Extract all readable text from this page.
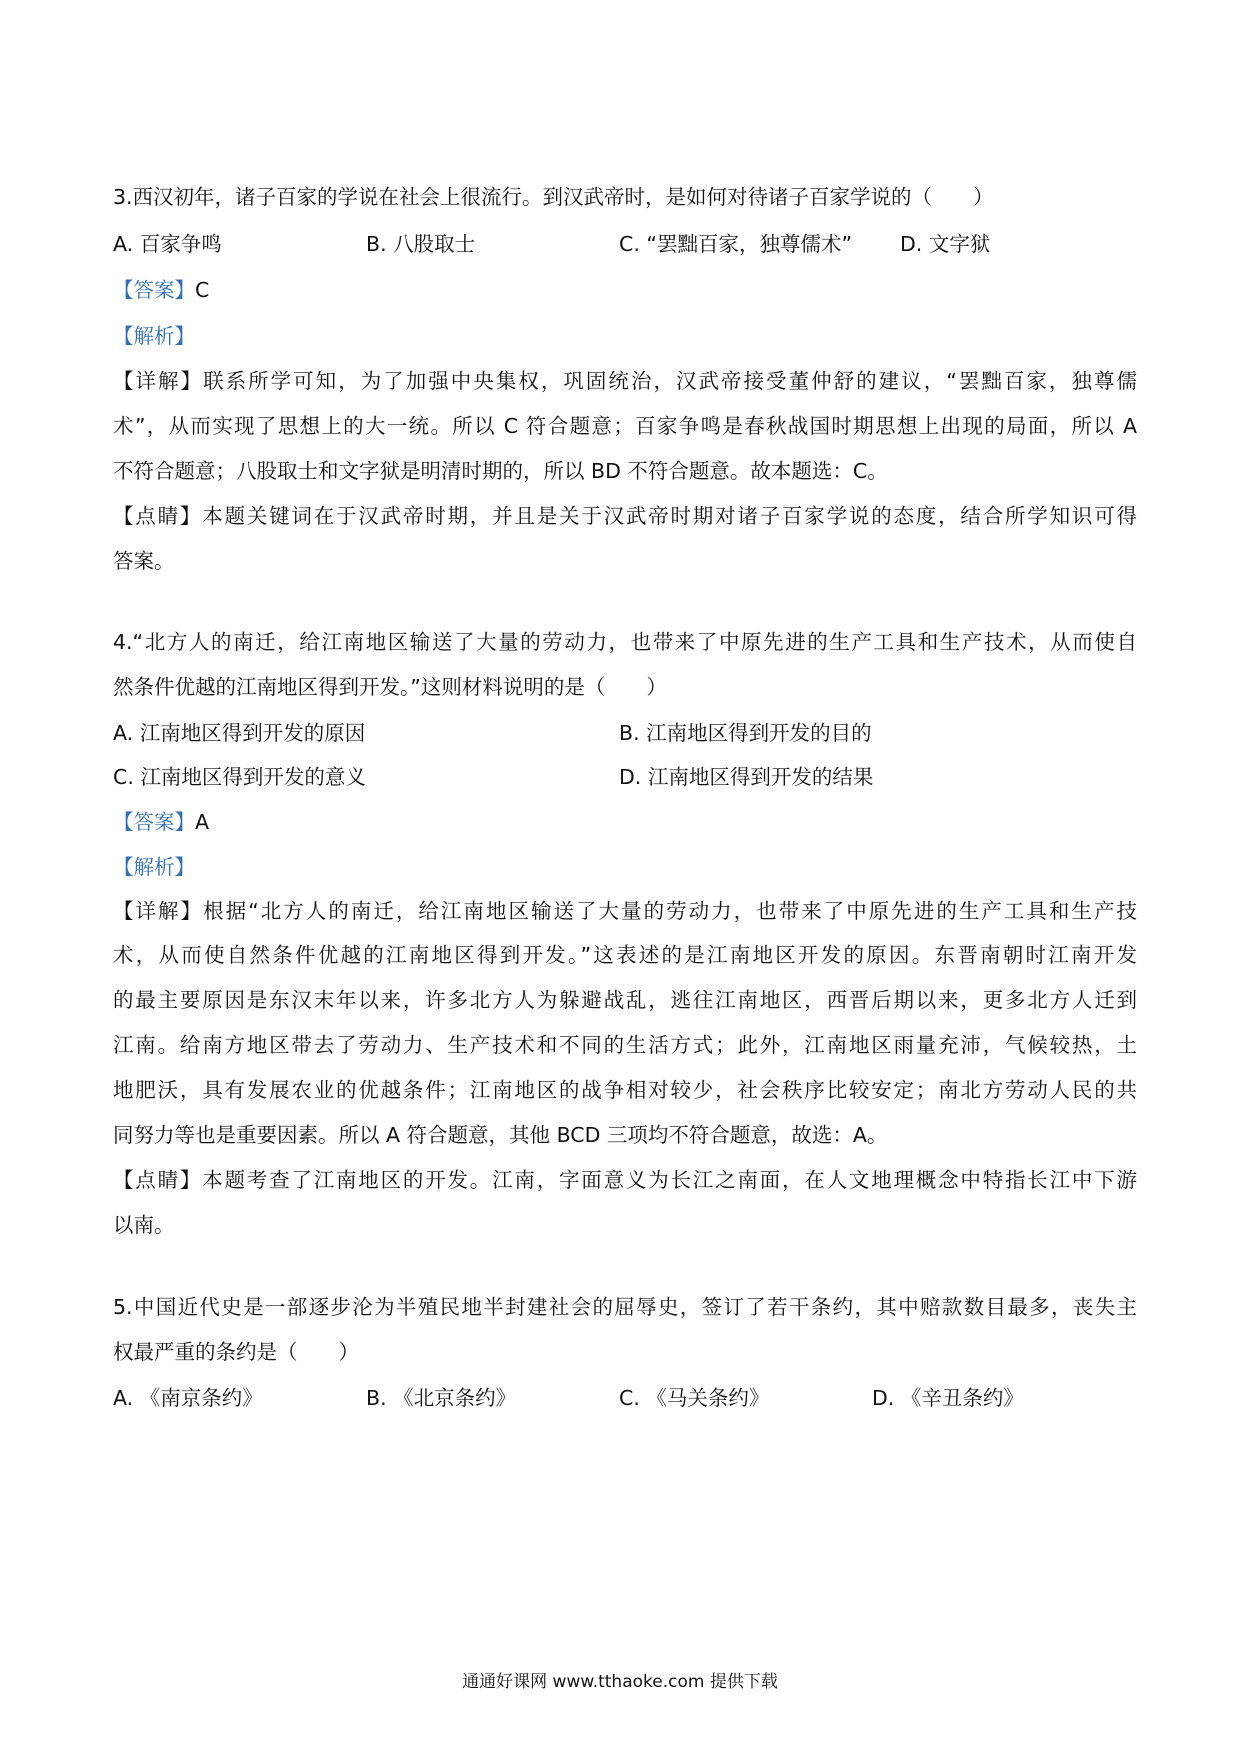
3.西汉初年，诸子百家的学说在社会上很流行。到汉武帝时，是如何对待诸子百家学说的（　　）
A. 百家争鸣	B. 八股取士	C. “罢黜百家，独尊儒术” D. 文字狱
【答案】C
【解析】
【详解】联系所学可知，为了加强中央集权，巩固统治，汉武帝接受董仲舒的建议，“罢黜百家，独尊儒
术”，从而实现了思想上的大一统。所以 C 符合题意；百家争鸣是春秋战国时期思想上出现的局面，所以 A
不符合题意；八股取士和文字狱是明清时期的，所以 BD 不符合题意。故本题选：C。
【点睛】本题关键词在于汉武帝时期，并且是关于汉武帝时期对诸子百家学说的态度，结合所学知识可得
答案。
4.“北方人的南迁，给江南地区输送了大量的劳动力，也带来了中原先进的生产工具和生产技术，从而使自
然条件优越的江南地区得到开发。”这则材料说明的是（　　）
A. 江南地区得到开发的原因	B. 江南地区得到开发的目的
C. 江南地区得到开发的意义	D. 江南地区得到开发的结果
【答案】A
【解析】
【详解】根据“北方人的南迁，给江南地区输送了大量的劳动力，也带来了中原先进的生产工具和生产技
术，从而使自然条件优越的江南地区得到开发。”这表述的是江南地区开发的原因。东晋南朝时江南开发
的最主要原因是东汉末年以来，许多北方人为躲避战乱，逃往江南地区，西晋后期以来，更多北方人迁到
江南。给南方地区带去了劳动力、生产技术和不同的生活方式；此外，江南地区雨量充沛，气候较热，土
地肥沃，具有发展农业的优越条件；江南地区的战争相对较少，社会秩序比较安定；南北方劳动人民的共
同努力等也是重要因素。所以 A 符合题意，其他 BCD 三项均不符合题意，故选：A。
【点睛】本题考查了江南地区的开发。江南，字面意义为长江之南面，在人文地理概念中特指长江中下游
以南。
5.中国近代史是一部逐步沦为半殖民地半封建社会的屈辱史，签订了若干条约，其中赔款数目最多，丧失主
权最严重的条约是（　　）
A. 《南京条约》	B. 《北京条约》	C. 《马关条约》	D. 《辛丑条约》
通通好课网 www.tthaoke.com 提供下载
